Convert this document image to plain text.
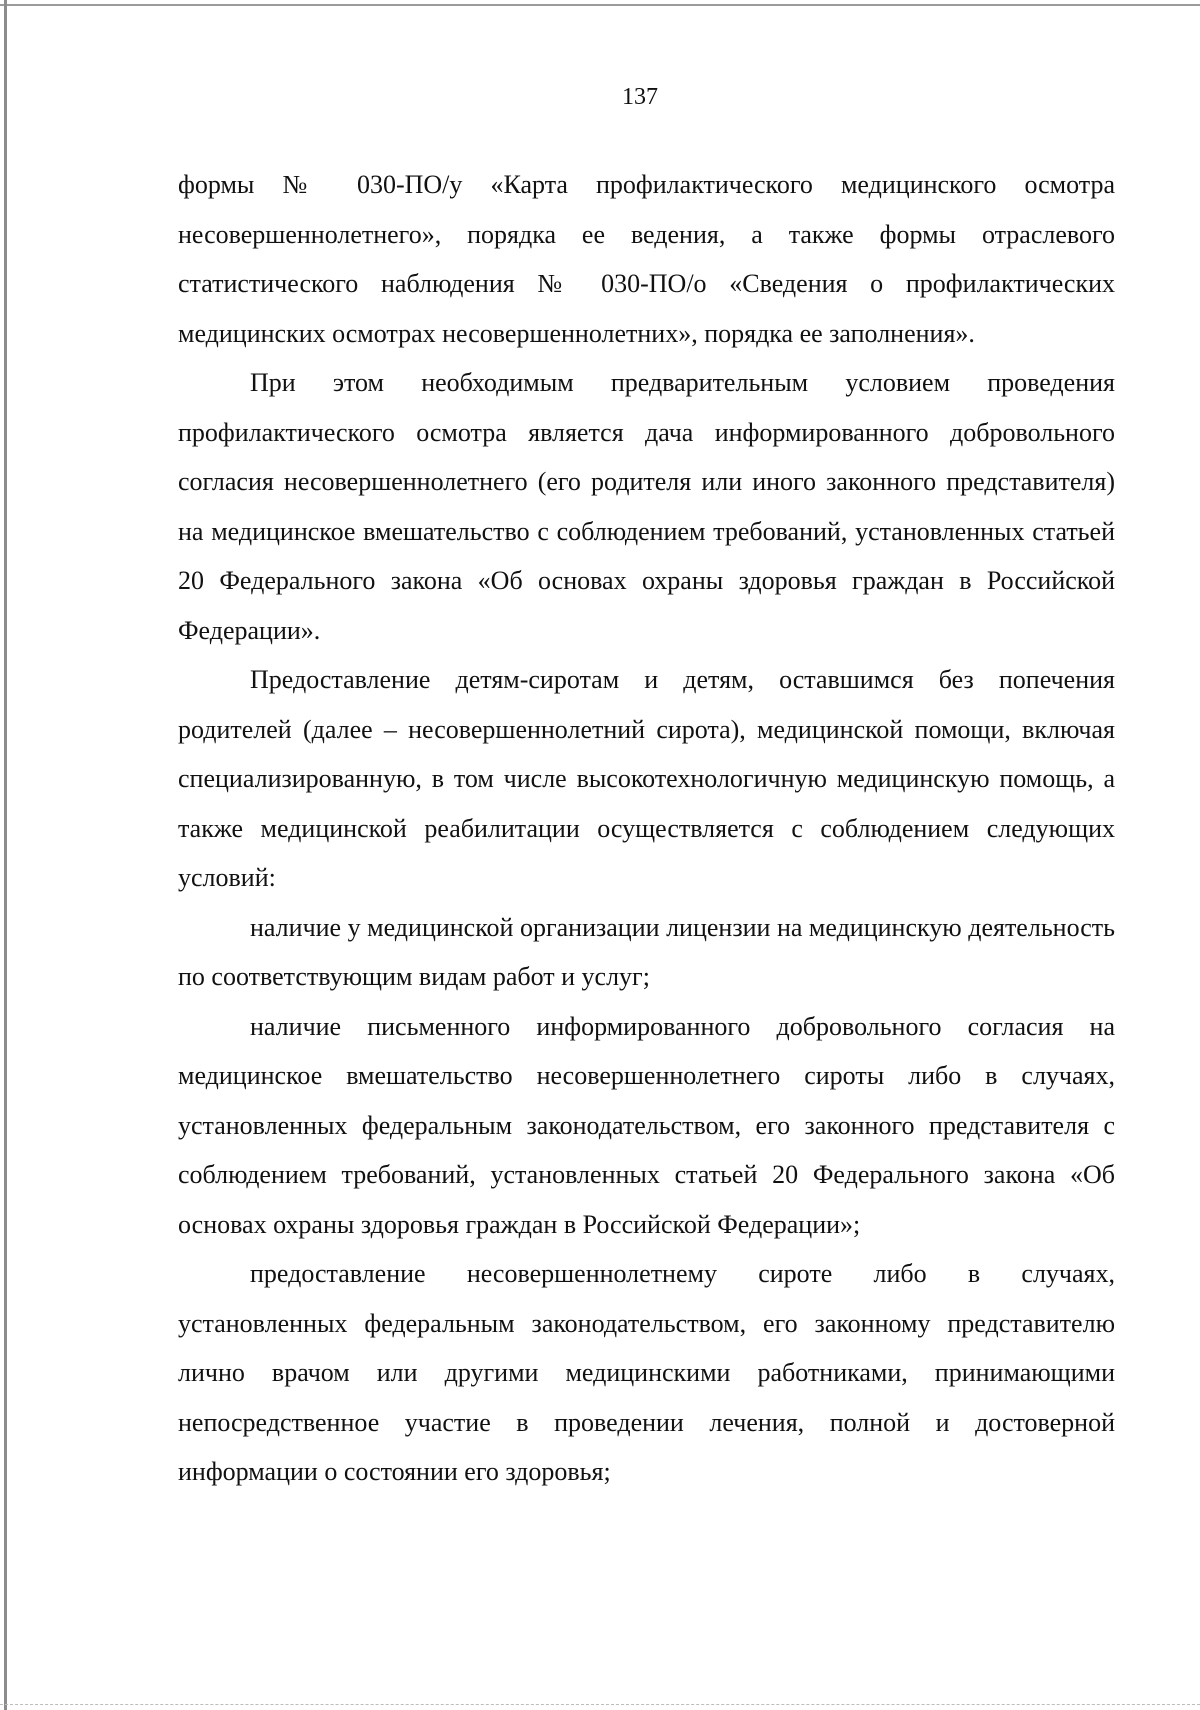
137

формы № 030-ПО/у «Карта профилактического медицинского осмотра несовершеннолетнего», порядка ее ведения, а также формы отраслевого статистического наблюдения № 030-ПО/о «Сведения о профилактических медицинских осмотрах несовершеннолетних», порядка ее заполнения».

При этом необходимым предварительным условием проведения профилактического осмотра является дача информированного добровольного согласия несовершеннолетнего (его родителя или иного законного представителя) на медицинское вмешательство с соблюдением требований, установленных статьей 20 Федерального закона «Об основах охраны здоровья граждан в Российской Федерации».

Предоставление детям-сиротам и детям, оставшимся без попечения родителей (далее – несовершеннолетний сирота), медицинской помощи, включая специализированную, в том числе высокотехнологичную медицинскую помощь, а также медицинской реабилитации осуществляется с соблюдением следующих условий:

наличие у медицинской организации лицензии на медицинскую деятельность по соответствующим видам работ и услуг;

наличие письменного информированного добровольного согласия на медицинское вмешательство несовершеннолетнего сироты либо в случаях, установленных федеральным законодательством, его законного представителя с соблюдением требований, установленных статьей 20 Федерального закона «Об основах охраны здоровья граждан в Российской Федерации»;

предоставление несовершеннолетнему сироте либо в случаях, установленных федеральным законодательством, его законному представителю лично врачом или другими медицинскими работниками, принимающими непосредственное участие в проведении лечения, полной и достоверной информации о состоянии его здоровья;
